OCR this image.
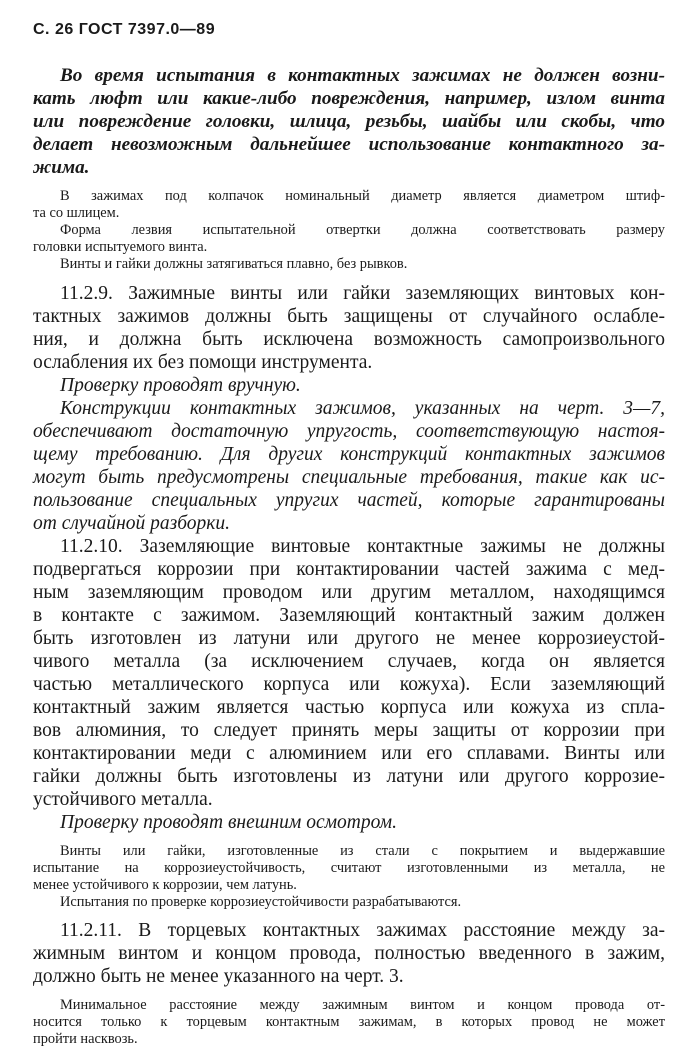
С. 26 ГОСТ 7397.0—89
Во время испытания в контактных зажимах не должен возни-
кать люфт или какие-либо повреждения, например, излом винта
или повреждение головки, шлица, резьбы, шайбы или скобы, что
делает невозможным дальнейшее использование контактного за-
жима.
В зажимах под колпачок номинальный диаметр является диаметром штиф-
та со шлицем.
Форма лезвия испытательной отвертки должна соответствовать размеру
головки испытуемого винта.
Винты и гайки должны затягиваться плавно, без рывков.
11.2.9. Зажимные винты или гайки заземляющих винтовых кон-
тактных зажимов должны быть защищены от случайного ослабле-
ния, и должна быть исключена возможность самопроизвольного
ослабления их без помощи инструмента.
Проверку проводят вручную.
Конструкции контактных зажимов, указанных на черт. 3—7,
обеспечивают достаточную упругость, соответствующую настоя-
щему требованию. Для других конструкций контактных зажимов
могут быть предусмотрены специальные требования, такие как ис-
пользование специальных упругих частей, которые гарантированы
от случайной разборки.
11.2.10. Заземляющие винтовые контактные зажимы не должны
подвергаться коррозии при контактировании частей зажима с мед-
ным заземляющим проводом или другим металлом, находящимся
в контакте с зажимом. Заземляющий контактный зажим должен
быть изготовлен из латуни или другого не менее коррозиеустой-
чивого металла (за исключением случаев, когда он является
частью металлического корпуса или кожуха). Если заземляющий
контактный зажим является частью корпуса или кожуха из спла-
вов алюминия, то следует принять меры защиты от коррозии при
контактировании меди с алюминием или его сплавами. Винты или
гайки должны быть изготовлены из латуни или другого коррозие-
устойчивого металла.
Проверку проводят внешним осмотром.
Винты или гайки, изготовленные из стали с покрытием и выдержавшие
испытание на коррозиеустойчивость, считают изготовленными из металла, не
менее устойчивого к коррозии, чем латунь.
Испытания по проверке коррозиеустойчивости разрабатываются.
11.2.11. В торцевых контактных зажимах расстояние между за-
жимным винтом и концом провода, полностью введенного в зажим,
должно быть не менее указанного на черт. 3.
Минимальное расстояние между зажимным винтом и концом провода от-
носится только к торцевым контактным зажимам, в которых провод не может
пройти насквозь.
